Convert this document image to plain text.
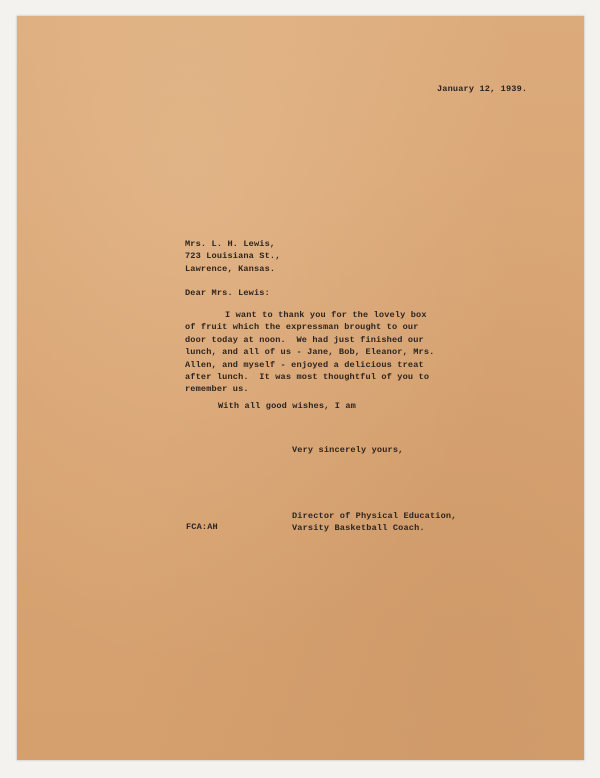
January 12, 1939.

Mrs. L. H. Lewis,
723 Louisiana St.,
Lawrence, Kansas.

Dear Mrs. Lewis:

I want to thank you for the lovely box
of fruit which the expressman brought to our
door today at noon.  We had just finished our
lunch, and all of us - Jane, Bob, Eleanor, Mrs.
Allen, and myself - enjoyed a delicious treat
after lunch.  It was most thoughtful of you to
remember us.

With all good wishes, I am

Very sincerely yours,

Director of Physical Education,
Varsity Basketball Coach.

FCA:AH
